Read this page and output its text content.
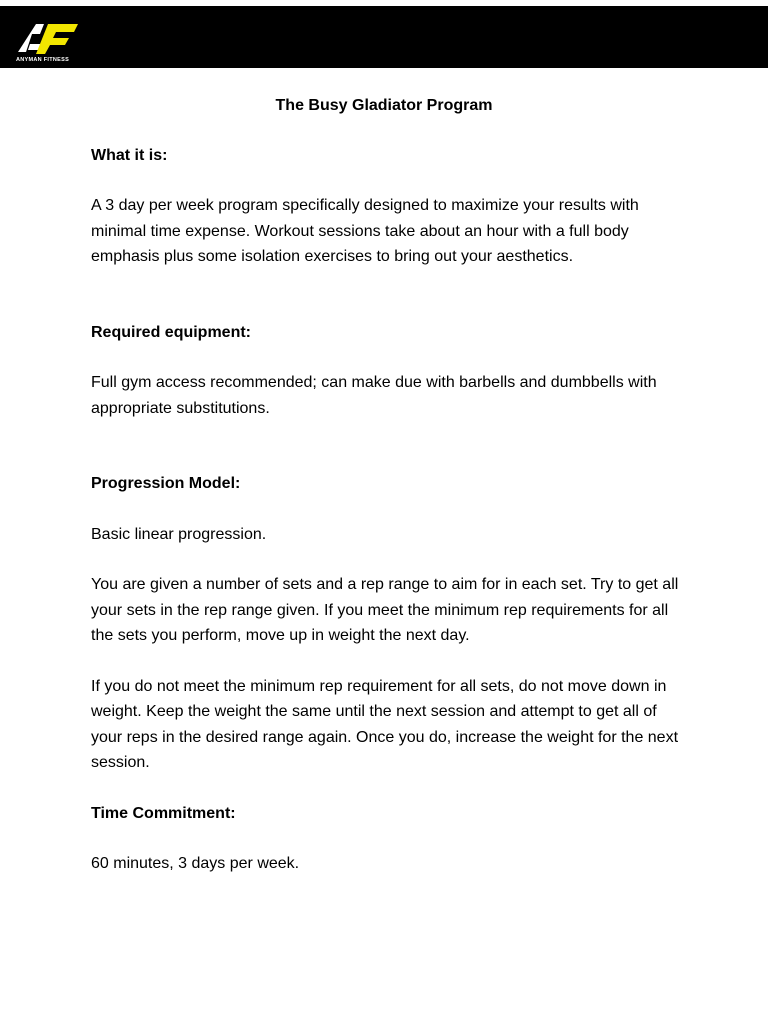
ANYMAN FITNESS
The Busy Gladiator Program
What it is:
A 3 day per week program specifically designed to maximize your results with minimal time expense. Workout sessions take about an hour with a full body emphasis plus some isolation exercises to bring out your aesthetics.
Required equipment:
Full gym access recommended; can make due with barbells and dumbbells with appropriate substitutions.
Progression Model:
Basic linear progression.
You are given a number of sets and a rep range to aim for in each set. Try to get all your sets in the rep range given. If you meet the minimum rep requirements for all the sets you perform, move up in weight the next day.
If you do not meet the minimum rep requirement for all sets, do not move down in weight. Keep the weight the same until the next session and attempt to get all of your reps in the desired range again. Once you do, increase the weight for the next session.
Time Commitment:
60 minutes, 3 days per week.
